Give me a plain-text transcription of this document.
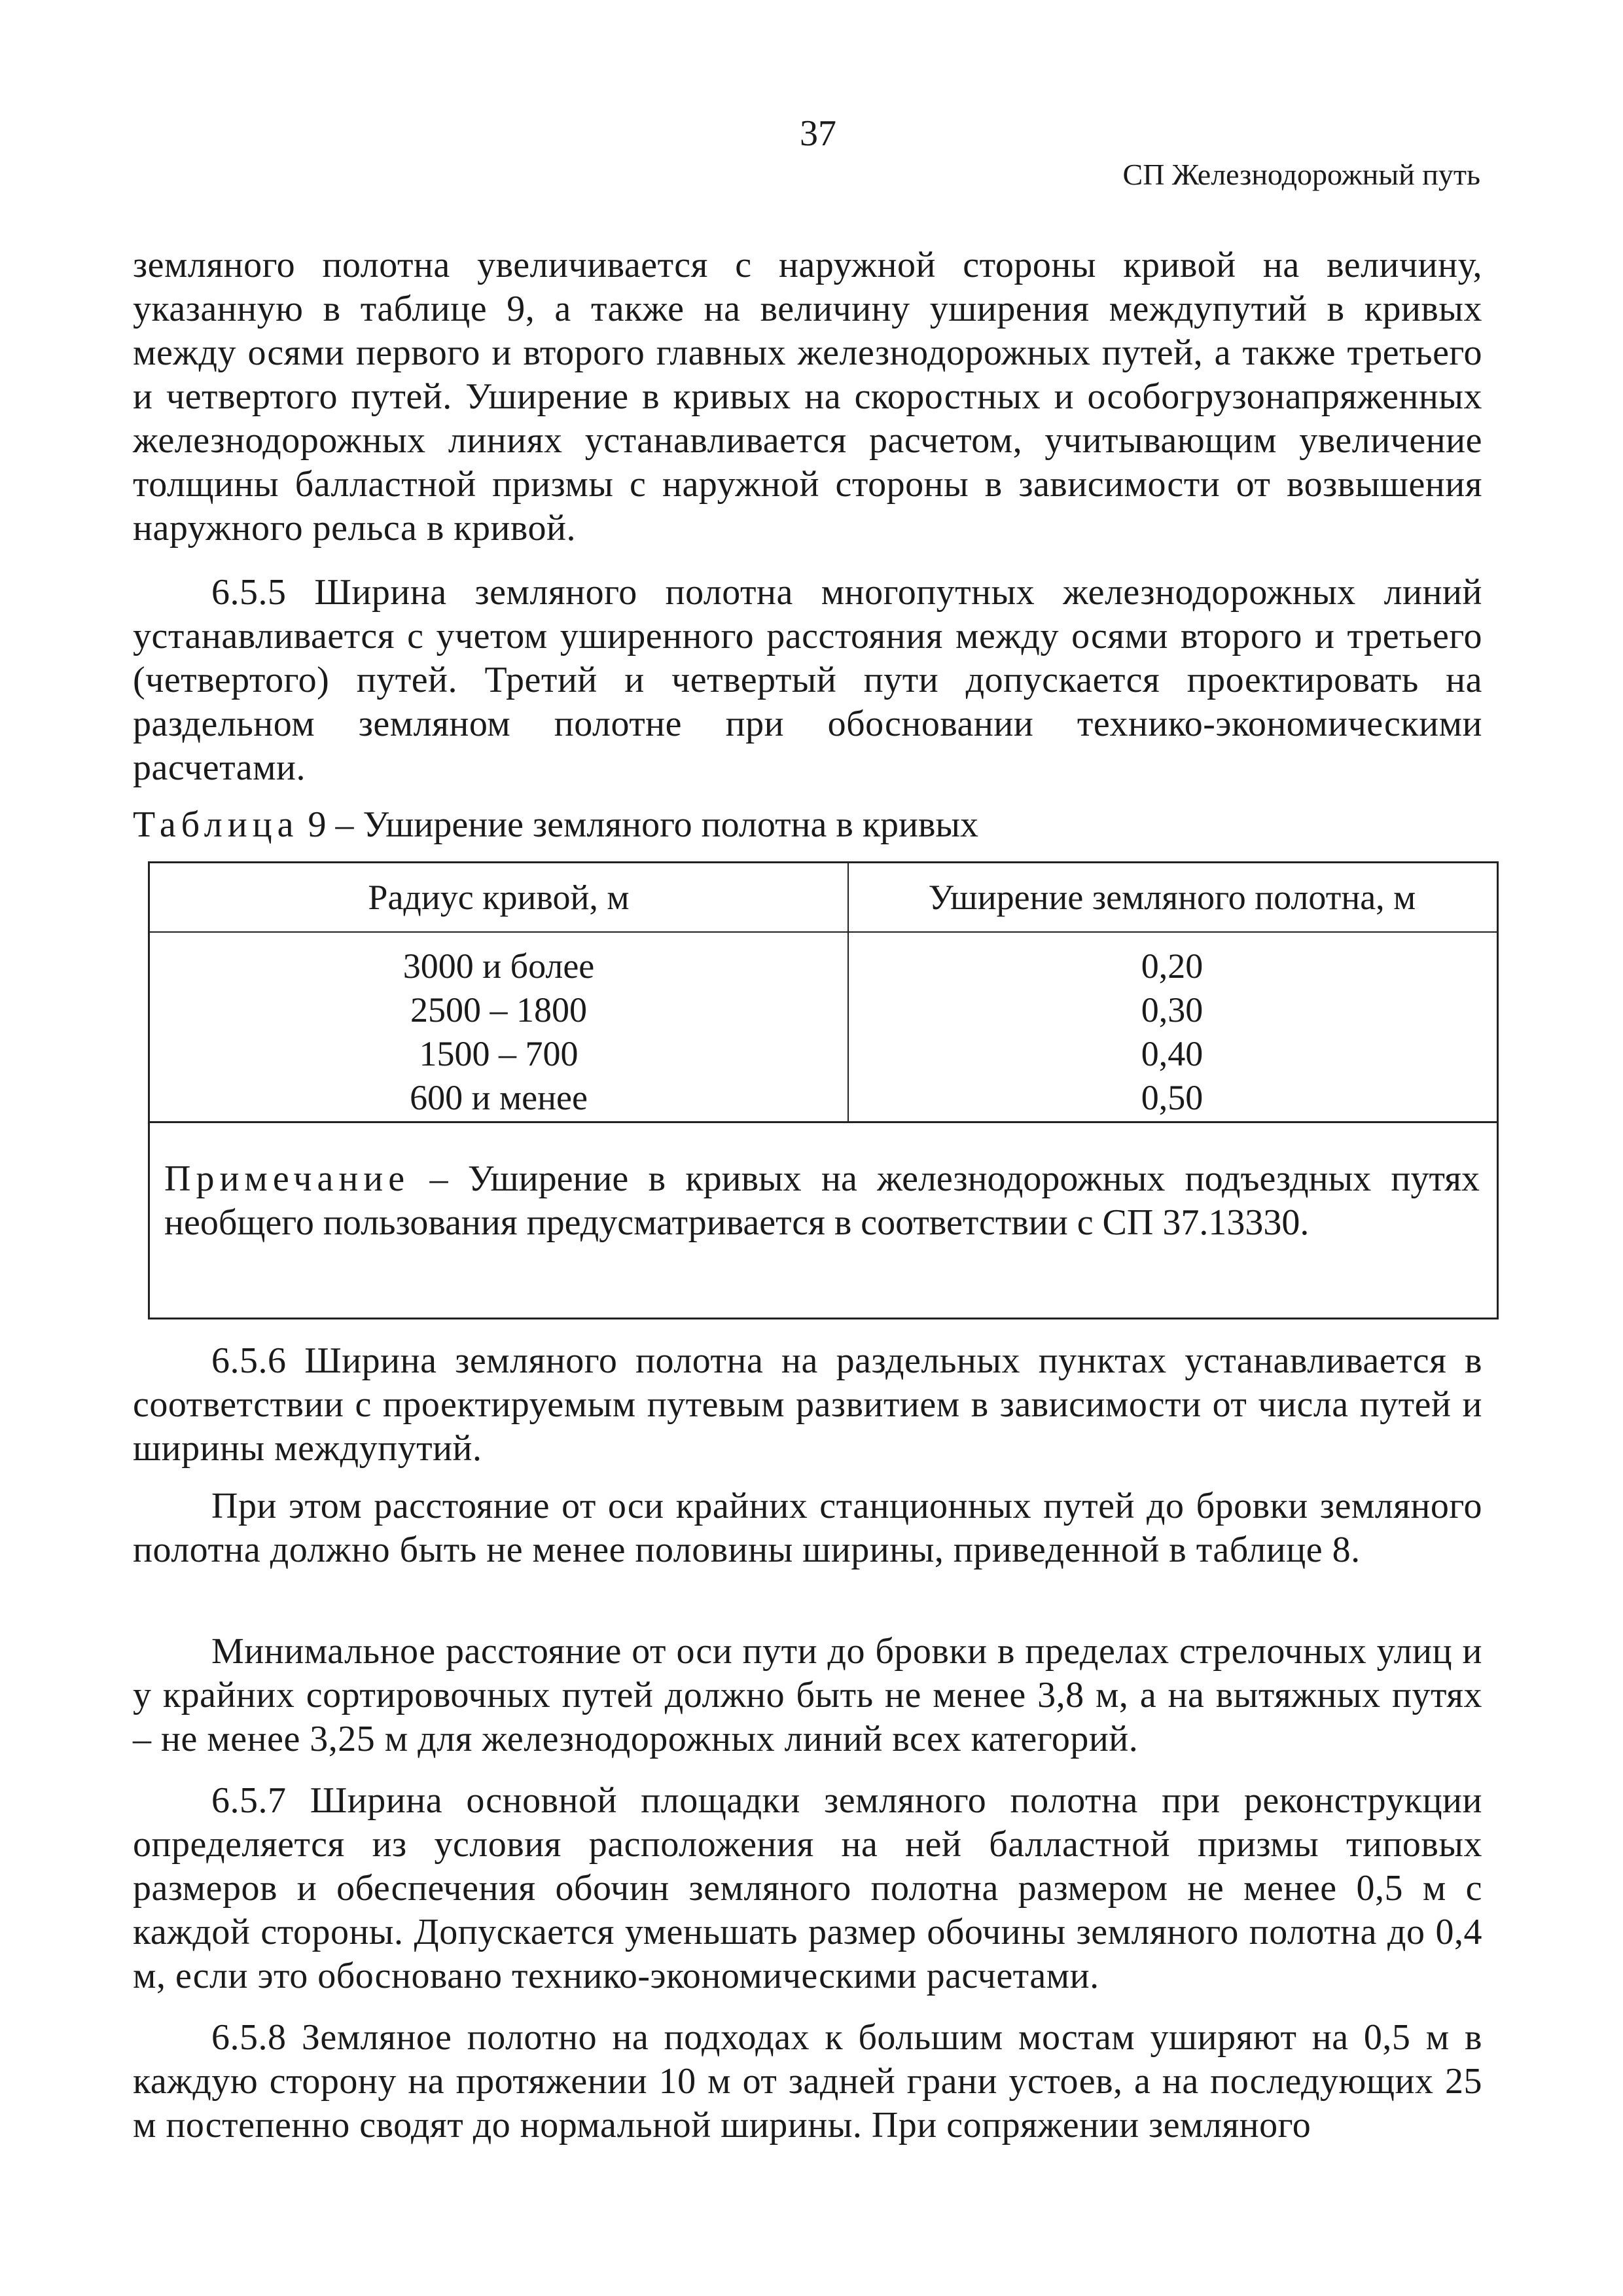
37
СП Железнодорожный путь
земляного полотна увеличивается с наружной стороны кривой на величину, указанную в таблице 9, а также на величину уширения междупутий в кривых между осями первого и второго главных железнодорожных путей, а также третьего и четвертого путей. Уширение в кривых на скоростных и особогрузонапряженных железнодорожных линиях устанавливается расчетом, учитывающим увеличение толщины балластной призмы с наружной стороны в зависимости от возвышения наружного рельса в кривой.
6.5.5 Ширина земляного полотна многопутных железнодорожных линий устанавливается с учетом уширенного расстояния между осями второго и третьего (четвертого) путей. Третий и четвертый пути допускается проектировать на раздельном земляном полотне при обосновании технико-экономическими расчетами.
Таблица 9 – Уширение земляного полотна в кривых
Радиус кривой, м	Уширение земляного полотна, м
3000 и более
2500 – 1800
1500 – 700
600 и менее
0,20
0,30
0,40
0,50
Примечание – Уширение в кривых на железнодорожных подъездных путях необщего пользования предусматривается в соответствии с СП 37.13330.
6.5.6 Ширина земляного полотна на раздельных пунктах устанавливается в соответствии с проектируемым путевым развитием в зависимости от числа путей и ширины междупутий.
При этом расстояние от оси крайних станционных путей до бровки земляного полотна должно быть не менее половины ширины, приведенной в таблице 8.
Минимальное расстояние от оси пути до бровки в пределах стрелочных улиц и у крайних сортировочных путей должно быть не менее 3,8 м, а на вытяжных путях – не менее 3,25 м для железнодорожных линий всех категорий.
6.5.7 Ширина основной площадки земляного полотна при реконструкции определяется из условия расположения на ней балластной призмы типовых размеров и обеспечения обочин земляного полотна размером не менее 0,5 м с каждой стороны. Допускается уменьшать размер обочины земляного полотна до 0,4 м, если это обосновано технико-экономическими расчетами.
6.5.8 Земляное полотно на подходах к большим мостам уширяют на 0,5 м в каждую сторону на протяжении 10 м от задней грани устоев, а на последующих 25 м постепенно сводят до нормальной ширины. При сопряжении земляного
